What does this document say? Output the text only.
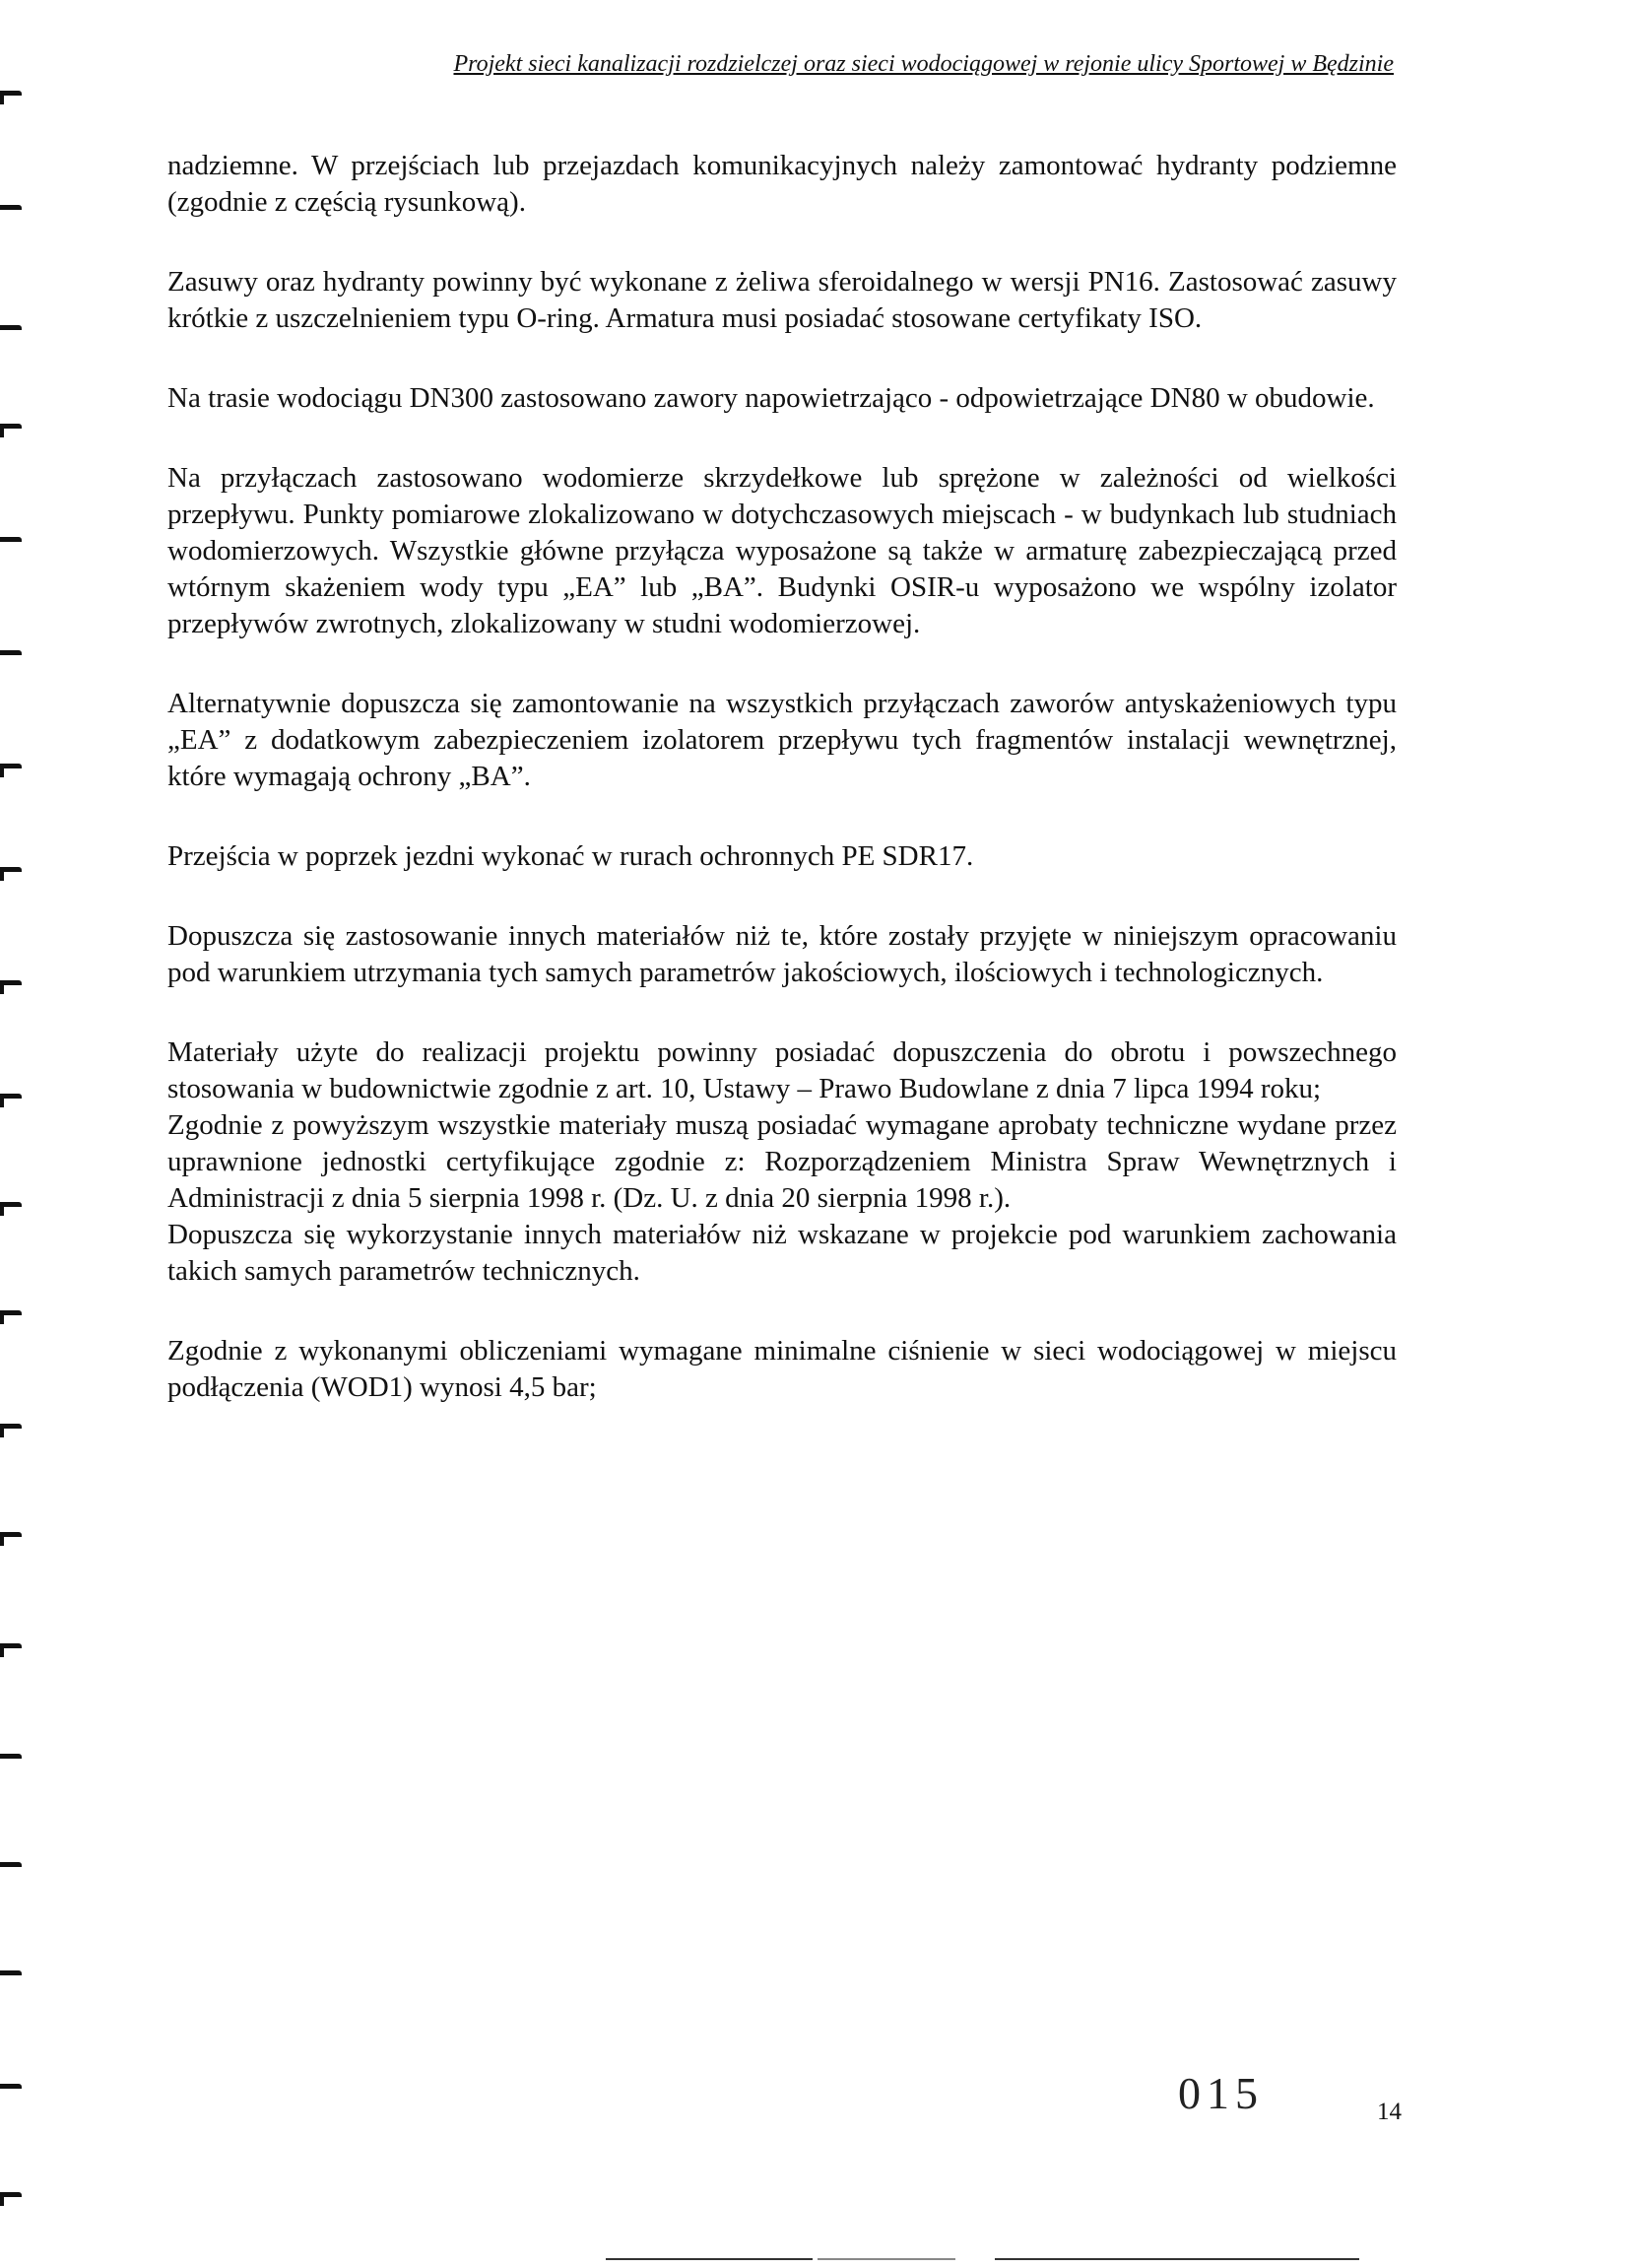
Projekt sieci kanalizacji rozdzielczej oraz sieci wodociągowej w rejonie ulicy Sportowej w Będzinie

nadziemne. W przejściach lub przejazdach komunikacyjnych należy zamontować hydranty podziemne (zgodnie z częścią rysunkową).

Zasuwy oraz hydranty powinny być wykonane z żeliwa sferoidalnego w wersji PN16. Zastosować zasuwy krótkie z uszczelnieniem typu O-ring. Armatura musi posiadać stosowane certyfikaty ISO.

Na trasie wodociągu DN300 zastosowano zawory napowietrzająco - odpowietrzające DN80 w obudowie.

Na przyłączach zastosowano wodomierze skrzydełkowe lub sprężone w zależności od wielkości przepływu. Punkty pomiarowe zlokalizowano w dotychczasowych miejscach - w budynkach lub studniach wodomierzowych. Wszystkie główne przyłącza wyposażone są także w armaturę zabezpieczającą przed wtórnym skażeniem wody typu „EA” lub „BA”. Budynki OSIR-u wyposażono we wspólny izolator przepływów zwrotnych, zlokalizowany w studni wodomierzowej.

Alternatywnie dopuszcza się zamontowanie na wszystkich przyłączach zaworów antyskażeniowych typu „EA” z dodatkowym zabezpieczeniem izolatorem przepływu tych fragmentów instalacji wewnętrznej, które wymagają ochrony „BA”.

Przejścia w poprzek jezdni wykonać w rurach ochronnych PE SDR17.

Dopuszcza się zastosowanie innych materiałów niż te, które zostały przyjęte w niniejszym opracowaniu pod warunkiem utrzymania tych samych parametrów jakościowych, ilościowych i technologicznych.

Materiały użyte do realizacji projektu powinny posiadać dopuszczenia do obrotu i powszechnego stosowania w budownictwie zgodnie z art. 10, Ustawy – Prawo Budowlane z dnia 7 lipca 1994 roku;

Zgodnie z powyższym wszystkie materiały muszą posiadać wymagane aprobaty techniczne wydane przez uprawnione jednostki certyfikujące zgodnie z: Rozporządzeniem Ministra Spraw Wewnętrznych i Administracji z dnia 5 sierpnia 1998 r. (Dz. U. z dnia 20 sierpnia 1998 r.).

Dopuszcza się wykorzystanie innych materiałów niż wskazane w projekcie pod warunkiem zachowania takich samych parametrów technicznych.

Zgodnie z wykonanymi obliczeniami wymagane minimalne ciśnienie w sieci wodociągowej w miejscu podłączenia (WOD1) wynosi 4,5 bar;

015	14
